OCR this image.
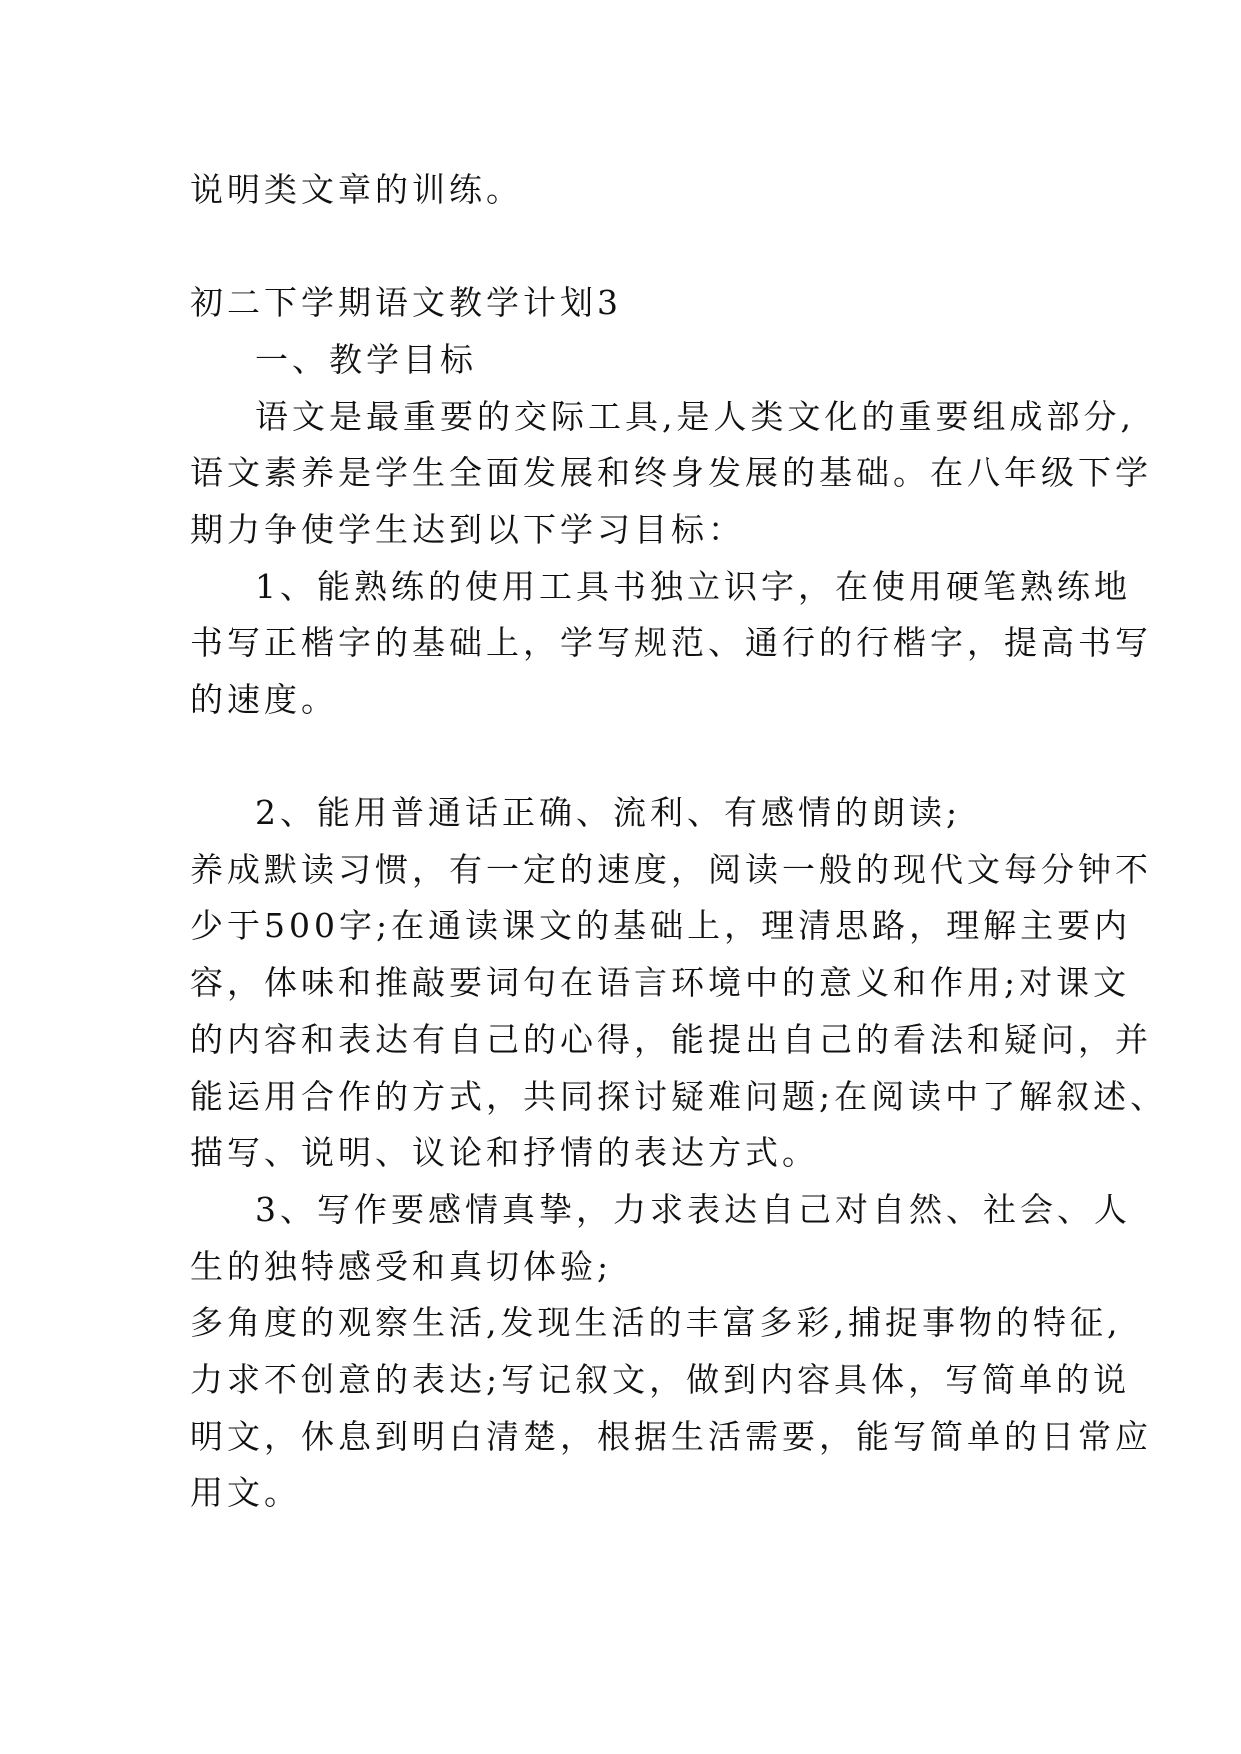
说明类文章的训练。
初二下学期语文教学计划3
一、教学目标
语文是最重要的交际工具,是人类文化的重要组成部分,
语文素养是学生全面发展和终身发展的基础。在八年级下学
期力争使学生达到以下学习目标：
1、能熟练的使用工具书独立识字，在使用硬笔熟练地
书写正楷字的基础上，学写规范、通行的行楷字，提高书写
的速度。
2、能用普通话正确、流利、有感情的朗读;
养成默读习惯，有一定的速度，阅读一般的现代文每分钟不
少于500字;在通读课文的基础上，理清思路，理解主要内
容，体味和推敲要词句在语言环境中的意义和作用;对课文
的内容和表达有自己的心得，能提出自己的看法和疑问，并
能运用合作的方式，共同探讨疑难问题;在阅读中了解叙述、
描写、说明、议论和抒情的表达方式。
3、写作要感情真挚，力求表达自己对自然、社会、人
生的独特感受和真切体验;
多角度的观察生活,发现生活的丰富多彩,捕捉事物的特征,
力求不创意的表达;写记叙文，做到内容具体，写简单的说
明文，休息到明白清楚，根据生活需要，能写简单的日常应
用文。
